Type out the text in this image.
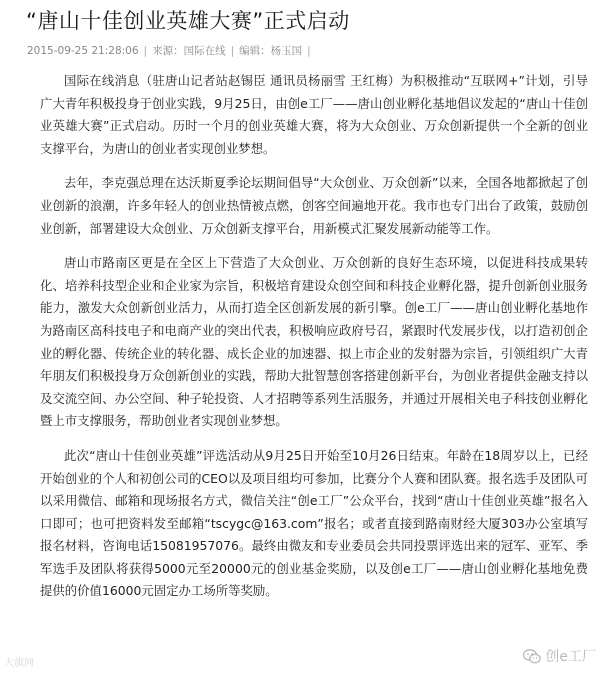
“唐山十佳创业英雄大赛”正式启动
2015-09-25 21:28:06 | 来源：国际在线 | 编辑：杨玉国 |

国际在线消息（驻唐山记者站赵锡臣 通讯员杨丽雪 王红梅）为积极推动“互联网+”计划，引导广大青年积极投身于创业实践，9月25日，由创e工厂——唐山创业孵化基地倡议发起的“唐山十佳创业英雄大赛”正式启动。历时一个月的创业英雄大赛，将为大众创业、万众创新提供一个全新的创业支撑平台，为唐山的创业者实现创业梦想。

去年，李克强总理在达沃斯夏季论坛期间倡导“大众创业、万众创新”以来，全国各地都掀起了创业创新的浪潮，许多年轻人的创业热情被点燃，创客空间遍地开花。我市也专门出台了政策，鼓励创业创新，部署建设大众创业、万众创新支撑平台，用新模式汇聚发展新动能等工作。

唐山市路南区更是在全区上下营造了大众创业、万众创新的良好生态环境，以促进科技成果转化、培养科技型企业和企业家为宗旨，积极培育建设众创空间和科技企业孵化器，提升创新创业服务能力，激发大众创新创业活力，从而打造全区创新发展的新引擎。创e工厂——唐山创业孵化基地作为路南区高科技电子和电商产业的突出代表，积极响应政府号召，紧跟时代发展步伐，以打造初创企业的孵化器、传统企业的转化器、成长企业的加速器、拟上市企业的发射器为宗旨，引领组织广大青年朋友们积极投身万众创新创业的实践，帮助大批智慧创客搭建创新平台，为创业者提供金融支持以及交流空间、办公空间、种子轮投资、人才招聘等系列生活服务，并通过开展相关电子科技创业孵化暨上市支撑服务，帮助创业者实现创业梦想。

此次“唐山十佳创业英雄”评选活动从9月25日开始至10月26日结束。年龄在18周岁以上，已经开始创业的个人和初创公司的CEO以及项目组均可参加，比赛分个人赛和团队赛。报名选手及团队可以采用微信、邮箱和现场报名方式，微信关注“创e工厂”公众平台，找到“唐山十佳创业英雄”报名入口即可；也可把资料发至邮箱“tscygc@163.com”报名；或者直接到路南财经大厦303办公室填写报名材料，咨询电话15081957076。最终由微友和专业委员会共同投票评选出来的冠军、亚军、季军选手及团队将获得5000元至20000元的创业基金奖励，以及创e工厂——唐山创业孵化基地免费提供的价值16000元固定办工场所等奖励。

大旗网	创e工厂
